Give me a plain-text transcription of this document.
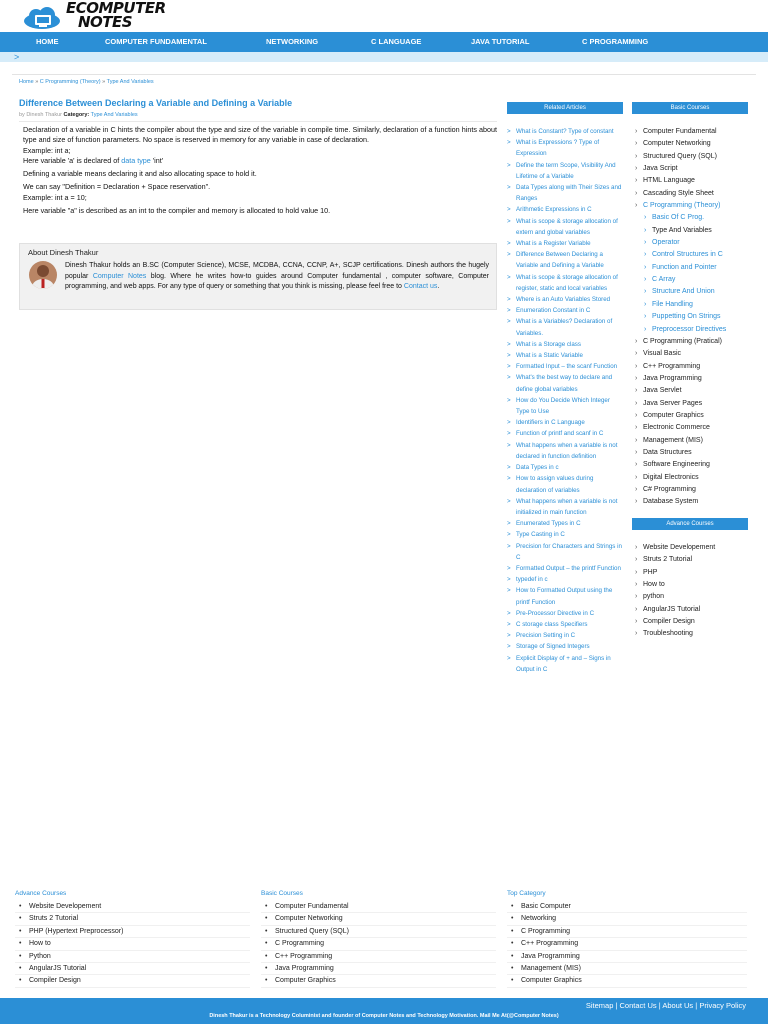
ECOMPUTER
NOTES
HOME	COMPUTER FUNDAMENTAL	NETWORKING	C LANGUAGE	JAVA TUTORIAL	C PROGRAMMING
>
Home » C Programming (Theory) » Type And Variables
Difference Between Declaring a Variable and Defining a Variable
by Dinesh Thakur Category: Type And Variables

Declaration of a variable in C hints the compiler about the type and size of the variable in compile time. Similarly, declaration of a function hints about type and size of function parameters. No space is reserved in memory for any variable in case of declaration.

Example: int a;

Here variable 'a' is declared of data type 'int'

Defining a variable means declaring it and also allocating space to hold it.

We can say "Definition = Declaration + Space reservation".

Example: int a = 10;

Here variable "a" is described as an int to the compiler and memory is allocated to hold value 10.

About Dinesh Thakur
Dinesh Thakur holds an B.SC (Computer Science), MCSE, MCDBA, CCNA, CCNP, A+, SCJP certifications. Dinesh authors the hugely popular Computer Notes blog. Where he writes how-to guides around Computer fundamental , computer software, Computer programming, and web apps. For any type of query or something that you think is missing, please feel free to Contact us.
Related Articles
> What is Constant? Type of constant
> What is Expressions ? Type of Expression
> Define the term Scope, Visibility And Lifetime of a Variable
> Data Types along with Their Sizes and Ranges
> Arithmetic Expressions in C
> What is scope & storage allocation of extern and global variables
> What is a Register Variable
> Difference Between Declaring a Variable and Defining a Variable
> What is scope & storage allocation of register, static and local variables
> Where is an Auto Variables Stored
> Enumeration Constant in C
> What is a Variables? Declaration of Variables.
> What is a Storage class
> What is a Static Variable
> Formatted Input – the scanf Function
> What's the best way to declare and define global variables
> How do You Decide Which Integer Type to Use
> Identifiers in C Language
> Function of printf and scanf in C
> What happens when a variable is not declared in function definition
> Data Types in c
> How to assign values during declaration of variables
> What happens when a variable is not initialized in main function
> Enumerated Types in C
> Type Casting in C
> Precision for Characters and Strings in C
> Formatted Output – the printf Function
> typedef in c
> How to Formatted Output using the printf Function
> Pre-Processor Directive in C
> C storage class Specifiers
> Precision Setting in C
> Storage of Signed Integers
> Explicit Display of + and – Signs in Output in C
Basic Courses
› Computer Fundamental
› Computer Networking
› Structured Query (SQL)
› Java Script
› HTML Language
› Cascading Style Sheet
› C Programming (Theory)
› Basic Of C Prog.
› Type And Variables
› Operator
› Control Structures in C
› Function and Pointer
› C Array
› Structure And Union
› File Handling
› Puppetting On Strings
› Preprocessor Directives
› C Programming (Pratical)
› Visual Basic
› C++ Programming
› Java Programming
› Java Servlet
› Java Server Pages
› Computer Graphics
› Electronic Commerce
› Management (MIS)
› Data Structures
› Software Engineering
› Digital Electronics
› C# Programming
› Database System
Advance Courses
› Website Developement
› Struts 2 Tutorial
› PHP
› How to
› python
› AngularJS Tutorial
› Compiler Design
› Troubleshooting
Advance Courses
• Website Developement
• Struts 2 Tutorial
• PHP (Hypertext Preprocessor)
• How to
• Python
• AngularJS Tutorial
• Compiler Design
Basic Courses
• Computer Fundamental
• Computer Networking
• Structured Query (SQL)
• C Programming
• C++ Programming
• Java Programming
• Computer Graphics
Top Category
• Basic Computer
• Networking
• C Programming
• C++ Programming
• Java Programming
• Management (MIS)
• Computer Graphics
Sitemap | Contact Us | About Us | Privacy Policy
Dinesh Thakur is a Technology Columinist and founder of Computer Notes and Technology Motivation. Mail Me At(@Computer Notes)
